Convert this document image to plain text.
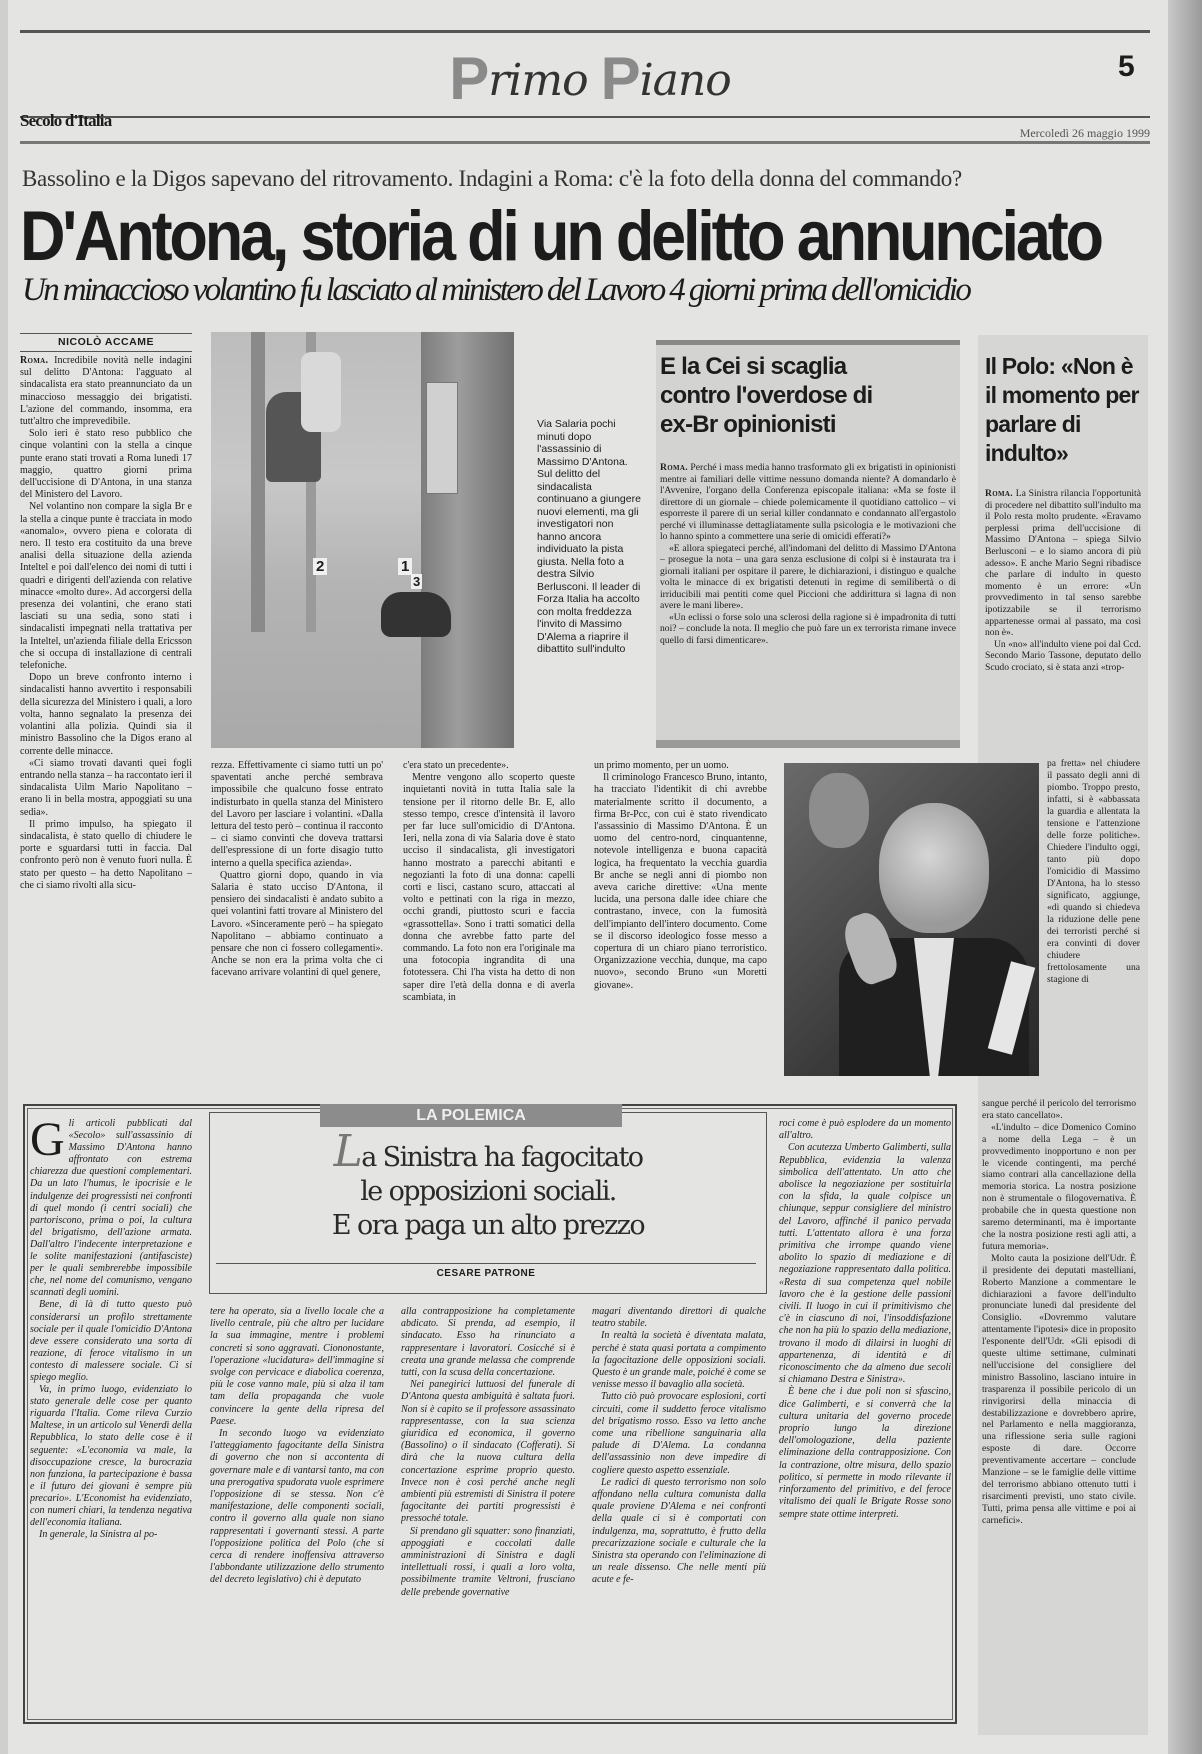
Primo Piano	5
Secolo d'Italia
Mercoledì 26 maggio 1999
Bassolino e la Digos sapevano del ritrovamento. Indagini a Roma: c'è la foto della donna del commando?
D'Antona, storia di un delitto annunciato
Un minaccioso volantino fu lasciato al ministero del Lavoro 4 giorni prima dell'omicidio
NICOLÒ ACCAME

Roma. Incredibile novità nelle indagini sul delitto D'Antona: l'agguato al sindacalista era stato preannunciato da un minaccioso messaggio dei brigatisti. L'azione del commando, insomma, era tutt'altro che imprevedibile.

Solo ieri è stato reso pubblico che cinque volantini con la stella a cinque punte erano stati trovati a Roma lunedì 17 maggio, quattro giorni prima dell'uccisione di D'Antona, in una stanza del Ministero del Lavoro.

Nel volantino non compare la sigla Br e la stella a cinque punte è tracciata in modo «anomalo», ovvero piena e colorata di nero. Il testo era costituito da una breve analisi della situazione della azienda Inteltel e poi dall'elenco dei nomi di tutti i quadri e dirigenti dell'azienda con relative minacce «molto dure». Ad accorgersi della presenza dei volantini, che erano stati lasciati su una sedia, sono stati i sindacalisti impegnati nella trattativa per la Inteltel, un'azienda filiale della Ericsson che si occupa di installazione di centrali telefoniche.

Dopo un breve confronto interno i sindacalisti hanno avvertito i responsabili della sicurezza del Ministero i quali, a loro volta, hanno segnalato la presenza dei volantini alla polizia. Quindi sia il ministro Bassolino che la Digos erano al corrente delle minacce.

«Ci siamo trovati davanti quei fogli entrando nella stanza – ha raccontato ieri il sindacalista Uilm Mario Napolitano – erano lì in bella mostra, appoggiati su una sedia».

Il primo impulso, ha spiegato il sindacalista, è stato quello di chiudere le porte e sguardarsi tutti in faccia. Dal confronto però non è venuto fuori nulla. È stato per questo – ha detto Napolitano – che ci siamo rivolti alla sicu-

2	1
3
Via Salaria pochi minuti dopo l'assassinio di Massimo D'Antona. Sul delitto del sindacalista continuano a giungere nuovi elementi, ma gli investigatori non hanno ancora individuato la pista giusta. Nella foto a destra Silvio Berlusconi. Il leader di Forza Italia ha accolto con molta freddezza l'invito di Massimo D'Alema a riaprire il dibattito sull'indulto
E la Cei si scaglia contro l'overdose di ex-Br opinionisti

Roma. Perché i mass media hanno trasformato gli ex brigatisti in opinionisti mentre ai familiari delle vittime nessuno domanda niente? A domandarlo è l'Avvenire, l'organo della Conferenza episcopale italiana: «Ma se foste il direttore di un giornale – chiede polemicamente il quotidiano cattolico – vi esporreste il parere di un serial killer condannato e condannato all'ergastolo perché vi illuminasse dettagliatamente sulla psicologia e le motivazioni che lo hanno spinto a commettere una serie di omicidi efferati?»

«E allora spiegateci perché, all'indomani del delitto di Massimo D'Antona – prosegue la nota – una gara senza esclusione di colpi si è instaurata tra i giornali italiani per ospitare il parere, le dichiarazioni, i distinguo e qualche volta le minacce di ex brigatisti detenuti in regime di semilibertà o di irriducibili mai pentiti come quel Piccioni che addirittura si lagna di non avere le mani libere».

«Un eclissi o forse solo una sclerosi della ragione si è impadronita di tutti noi? – conclude la nota. Il meglio che può fare un ex terrorista rimane invece quello di farsi dimenticare».

Il Polo: «Non è il momento per parlare di indulto»

Roma. La Sinistra rilancia l'opportunità di procedere nel dibattito sull'indulto ma il Polo resta molto prudente. «Eravamo perplessi prima dell'uccisione di Massimo D'Antona – spiega Silvio Berlusconi – e lo siamo ancora di più adesso». E anche Mario Segni ribadisce che parlare di indulto in questo momento è un errore: «Un provvedimento in tal senso sarebbe ipotizzabile se il terrorismo appartenesse ormai al passato, ma così non è».

Un «no» all'indulto viene poi dal Ccd. Secondo Mario Tassone, deputato dello Scudo crociato, si è stata anzi «trop-

pa fretta» nel chiudere il passato degli anni di piombo. Troppo presto, infatti, si è «abbassata la guardia e allentata la tensione e l'attenzione delle forze politiche». Chiedere l'indulto oggi, tanto più dopo l'omicidio di Massimo D'Antona, ha lo stesso significato, aggiunge, «di quando si chiedeva la riduzione delle pene dei terroristi perché si era convinti di dover chiudere frettolosamente una stagione di

sangue perché il pericolo del terrorismo era stato cancellato».

«L'indulto – dice Domenico Comino a nome della Lega – è un provvedimento inopportuno e non per le vicende contingenti, ma perché siamo contrari alla cancellazione della memoria storica. La nostra posizione non è strumentale o filogovernativa. È probabile che in questa questione non saremo determinanti, ma è importante che la nostra posizione resti agli atti, a futura memoria».

Molto cauta la posizione dell'Udr. È il presidente dei deputati mastelliani, Roberto Manzione a commentare le dichiarazioni a favore dell'indulto pronunciate lunedì dal presidente del Consiglio. «Dovremmo valutare attentamente l'ipotesi» dice in proposito l'esponente dell'Udr. «Gli episodi di queste ultime settimane, culminati nell'uccisione del consigliere del ministro Bassolino, lasciano intuire in trasparenza il possibile pericolo di un rinvigorirsi della minaccia di destabilizzazione e dovrebbero aprire, nel Parlamento e nella maggioranza, una riflessione seria sulle ragioni esposte di dare. Occorre preventivamente accertare – conclude Manzione – se le famiglie delle vittime del terrorismo abbiano ottenuto tutti i risarcimenti previsti, uno stato civile. Tutti, prima pensa alle vittime e poi ai carnefici».

rezza. Effettivamente ci siamo tutti un po' spaventati anche perché sembrava impossibile che qualcuno fosse entrato indisturbato in quella stanza del Ministero del Lavoro per lasciare i volantini. «Dalla lettura del testo però – continua il racconto – ci siamo convinti che doveva trattarsi dell'espressione di un forte disagio tutto interno a quella specifica azienda».

Quattro giorni dopo, quando in via Salaria è stato ucciso D'Antona, il pensiero dei sindacalisti è andato subito a quei volantini fatti trovare al Ministero del Lavoro. «Sinceramente però – ha spiegato Napolitano – abbiamo continuato a pensare che non ci fossero collegamenti». Anche se non era la prima volta che ci facevano arrivare volantini di quel genere,

c'era stato un precedente».

Mentre vengono allo scoperto queste inquietanti novità in tutta Italia sale la tensione per il ritorno delle Br. E, allo stesso tempo, cresce d'intensità il lavoro per far luce sull'omicidio di D'Antona. Ieri, nella zona di via Salaria dove è stato ucciso il sindacalista, gli investigatori hanno mostrato a parecchi abitanti e negozianti la foto di una donna: capelli corti e lisci, castano scuro, attaccati al volto e pettinati con la riga in mezzo, occhi grandi, piuttosto scuri e faccia «grassottella». Sono i tratti somatici della donna che avrebbe fatto parte del commando. La foto non era l'originale ma una fotocopia ingrandita di una fototessera. Chi l'ha vista ha detto di non saper dire l'età della donna e di averla scambiata, in

un primo momento, per un uomo.

Il criminologo Francesco Bruno, intanto, ha tracciato l'identikit di chi avrebbe materialmente scritto il documento, a firma Br-Pcc, con cui è stato rivendicato l'assassinio di Massimo D'Antona. È un uomo del centro-nord, cinquantenne, notevole intelligenza e buona capacità logica, ha frequentato la vecchia guardia Br anche se negli anni di piombo non aveva cariche direttive: «Una mente lucida, una persona dalle idee chiare che contrastano, invece, con la fumosità dell'impianto dell'intero documento. Come se il discorso ideologico fosse messo a copertura di un chiaro piano terroristico. Organizzazione vecchia, dunque, ma capo nuovo», secondo Bruno «un Moretti giovane».

G li articoli pubblicati dal «Secolo» sull'assassinio di Massimo D'Antona hanno affrontato con estrema chiarezza due questioni complementari. Da un lato l'humus, le ipocrisie e le indulgenze dei progressisti nei confronti di quel mondo (i centri sociali) che partoriscono, prima o poi, la cultura del brigatismo, dell'azione armata. Dall'altro l'indecente interpretazione e le solite manifestazioni (antifasciste) per le quali sembrerebbe impossibile che, nel nome del comunismo, vengano scannati degli uomini.

Bene, di là di tutto questo può considerarsi un profilo strettamente sociale per il quale l'omicidio D'Antona deve essere considerato una sorta di reazione, di feroce vitalismo in un contesto di malessere sociale. Ci si spiego meglio.

Va, in primo luogo, evidenziato lo stato generale delle cose per quanto riguarda l'Italia. Come rileva Curzio Maltese, in un articolo sul Venerdì della Repubblica, lo stato delle cose è il seguente: «L'economia va male, la disoccupazione cresce, la burocrazia non funziona, la partecipazione è bassa e il futuro dei giovani è sempre più precario». L'Economist ha evidenziato, con numeri chiari, la tendenza negativa dell'economia italiana.

In generale, la Sinistra al po-

LA POLEMICA
La Sinistra ha fagocitato
le opposizioni sociali.
E ora paga un alto prezzo
CESARE PATRONE

tere ha operato, sia a livello locale che a livello centrale, più che altro per lucidare la sua immagine, mentre i problemi concreti si sono aggravati. Ciononostante, l'operazione «lucidatura» dell'immagine si svolge con pervicace e diabolica coerenza, più le cose vanno male, più si alza il tam tam della propaganda che vuole convincere la gente della ripresa del Paese.

In secondo luogo va evidenziato l'atteggiamento fagocitante della Sinistra di governo che non si accontenta di governare male e di vantarsi tanto, ma con una prerogativa spudorata vuole esprimere l'opposizione di se stessa. Non c'è manifestazione, delle componenti sociali, contro il governo alla quale non siano rappresentati i governanti stessi. A parte l'opposizione politica del Polo (che si cerca di rendere inoffensiva attraverso l'abbondante utilizzazione dello strumento del decreto legislativo) chi è deputato

alla contrapposizione ha completamente abdicato. Si prenda, ad esempio, il sindacato. Esso ha rinunciato a rappresentare i lavoratori. Cosicché si è creata una grande melassa che comprende tutti, con la scusa della concertazione.

Nei panegirici luttuosi del funerale di D'Antona questa ambiguità è saltata fuori. Non si è capito se il professore assassinato rappresentasse, con la sua scienza giuridica ed economica, il governo (Bassolino) o il sindacato (Cofferati). Si dirà che la nuova cultura della concertazione esprime proprio questo. Invece non è così perché anche negli ambienti più estremisti di Sinistra il potere fagocitante dei partiti progressisti è pressoché totale.

Si prendano gli squatter: sono finanziati, appoggiati e coccolati dalle amministrazioni di Sinistra e dagli intellettuali rossi, i quali a loro volta, possibilmente tramite Veltroni, frusciano delle prebende governative

magari diventando direttori di qualche teatro stabile.

In realtà la società è diventata malata, perché è stata quasi portata a compimento la fagocitazione delle opposizioni sociali. Questo è un grande male, poiché è come se venisse messo il bavaglio alla società.

Tutto ciò può provocare esplosioni, corti circuiti, come il suddetto feroce vitalismo del brigatismo rosso. Esso va letto anche come una ribellione sanguinaria alla palude di D'Alema. La condanna dell'assassinio non deve impedire di cogliere questo aspetto essenziale.

Le radici di questo terrorismo non solo affondano nella cultura comunista dalla quale proviene D'Alema e nei confronti della quale ci si è comportati con indulgenza, ma, soprattutto, è frutto della precarizzazione sociale e culturale che la Sinistra sta operando con l'eliminazione di un reale dissenso. Che nelle menti più acute e fe-

roci come è può esplodere da un momento all'altro.

Con acutezza Umberto Galimberti, sulla Repubblica, evidenzia la valenza simbolica dell'attentato. Un atto che abolisce la negoziazione per sostituirla con la sfida, la quale colpisce un chiunque, seppur consigliere del ministro del Lavoro, affinché il panico pervada tutti. L'attentato allora è una forza primitiva che irrompe quando viene abolito lo spazio di mediazione e di negoziazione rappresentato dalla politica. «Resta di sua competenza quel nobile lavoro che è la gestione delle passioni civili. Il luogo in cui il primitivismo che c'è in ciascuno di noi, l'insoddisfazione che non ha più lo spazio della mediazione, trovano il modo di dilairsi in luoghi di appartenenza, di identità e di riconoscimento che da almeno due secoli si chiamano Destra e Sinistra».

È bene che i due poli non si sfascino, dice Galimberti, e si converrà che la cultura unitaria del governo procede proprio lungo la direzione dell'omologazione, della paziente eliminazione della contrapposizione. Con la contrazione, oltre misura, dello spazio politico, si permette in modo rilevante il rinforzamento del primitivo, e del feroce vitalismo dei quali le Brigate Rosse sono sempre state ottime interpreti.
